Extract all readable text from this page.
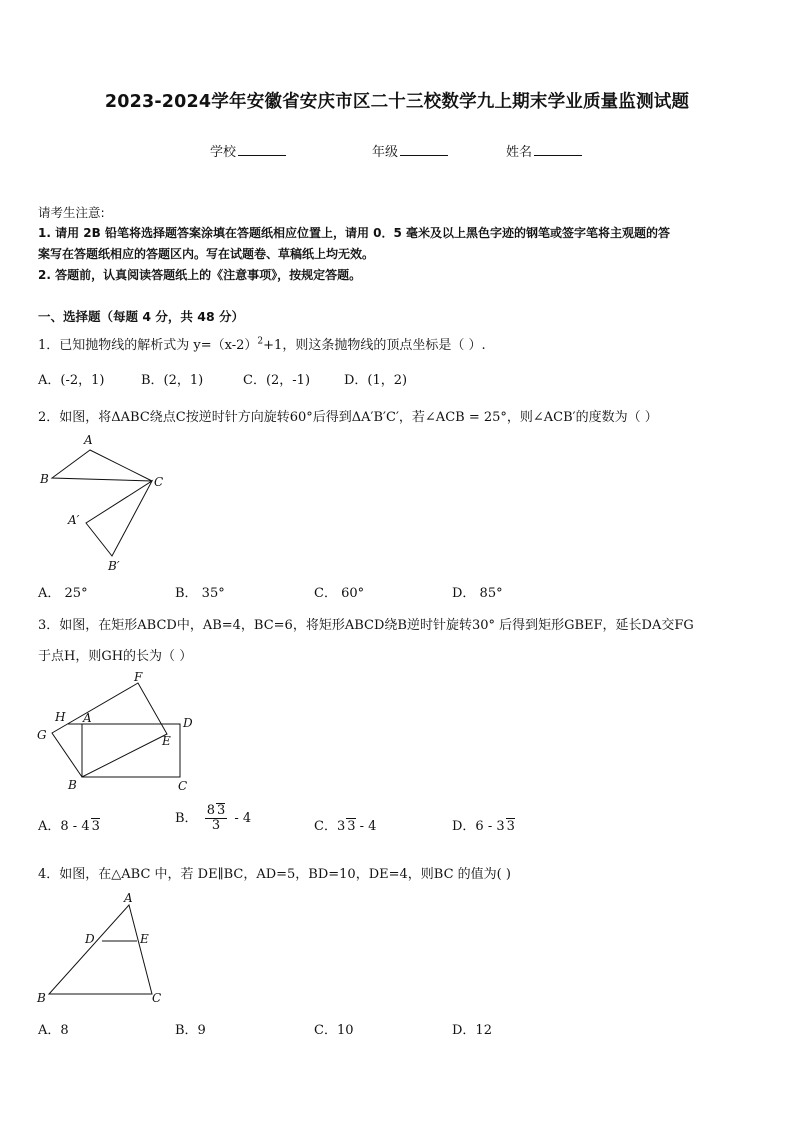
2023-2024学年安徽省安庆市区二十三校数学九上期末学业质量监测试题
学校	年级	姓名
请考生注意:
1. 请用 2B 铅笔将选择题答案涂填在答题纸相应位置上，请用 0．5 毫米及以上黑色字迹的钢笔或签字笔将主观题的答
案写在答题纸相应的答题区内。写在试题卷、草稿纸上均无效。
2. 答题前，认真阅读答题纸上的《注意事项》，按规定答题。
一、选择题（每题 4 分，共 48 分）
1．已知抛物线的解析式为 $y=(x-2)^2+1$，则这条抛物线的顶点坐标是（ ）.
A．(-2，1)	B．(2，1)	C．(2，-1)	D．(1，2)
2．如图，将ΔABC绕点C按逆时针方向旋转60°后得到ΔA′B′C′，若∠ACB = 25°，则∠ACB′的度数为（ ）
A
B	C
A′
B′
A． 25°	B． 35°	C． 60°	D． 85°
3．如图，在矩形ABCD中，AB=4，BC=6，将矩形ABCD绕B逆时针旋转30° 后得到矩形GBEF，延长DA交FG
于点H，则GH的长为（ ）
F
H A	D
G	E
B	C
A．8 - 4 3
B． $\frac{8 3}{3} - 4$
C．3 3 - 4	D．6 - 3 3
4．如图，在△ABC 中，若 DE∥BC，AD=5，BD=10，DE=4，则BC 的值为( )
A
D	E
B	C
A．8	B．9	C．10	D．12
